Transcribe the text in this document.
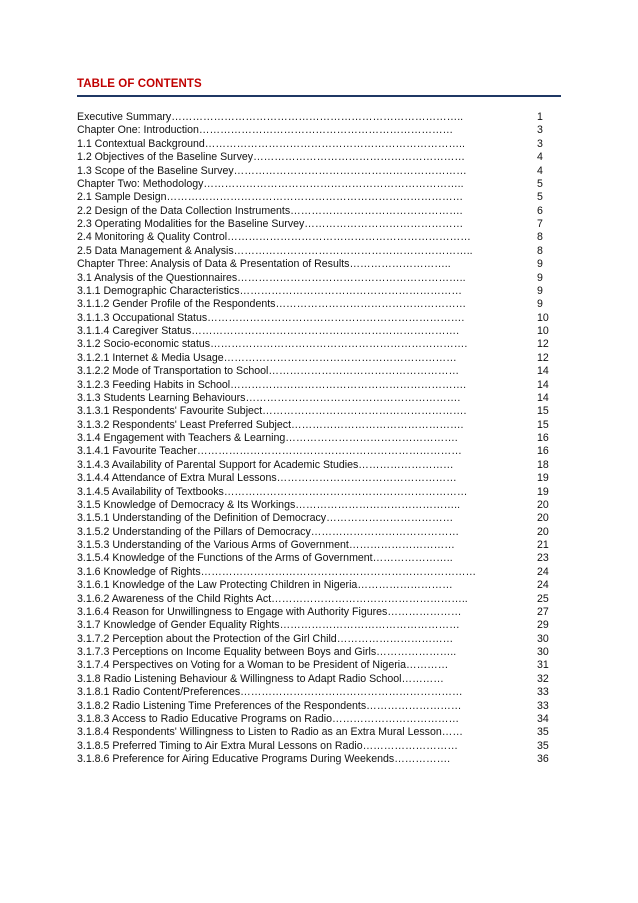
TABLE OF CONTENTS
Executive Summary………………………………………………………………………..	1
Chapter One: Introduction………………………………………………………………	3
1.1 Contextual Background………………………………………………………………..	3
1.2 Objectives of the Baseline Survey……………………………………………………	4
1.3 Scope of the Baseline Survey…………………………………………………………	4
Chapter Two: Methodology………………………………………………………………..	5
2.1 Sample Design…………………………………………………………………………	5
2.2 Design of the Data Collection Instruments………………………………………….	6
2.3 Operating Modalities for the Baseline Survey………………………………………	7
2.4 Monitoring & Quality Control……………………………………………………………	8
2.5 Data Management & Analysis…………………………………………………………..	8
Chapter Three: Analysis of Data & Presentation of Results………………………..	9
3.1 Analysis of the Questionnaires………………………………………………………..	9
3.1.1 Demographic Characteristics………………………………………………………	9
3.1.1.2 Gender Profile of the Respondents………………………………………………	9
3.1.1.3 Occupational Status……………………………………………………………….	10
3.1.1.4 Caregiver Status………………………………………………………………….	10
3.1.2 Socio-economic status……………………………………………………………….	12
3.1.2.1 Internet & Media Usage…………………………………………………………	12
3.1.2.2 Mode of Transportation to School………………………………………………	14
3.1.2.3 Feeding Habits in School………………………………………………………….	14
3.1.3 Students Learning Behaviours…………………………………………………….	14
3.1.3.1 Respondents' Favourite Subject………………………………………………….	15
3.1.3.2 Respondents' Least Preferred Subject………………………………………….	15
3.1.4 Engagement with Teachers & Learning………………………………………….	16
3.1.4.1 Favourite Teacher…………………………………………………………………	16
3.1.4.3 Availability of Parental Support for Academic Studies………………………	18
3.1.4.4 Attendance of Extra Mural Lessons……………………………………………	19
3.1.4.5 Availability of Textbooks……………………………………………………………	19
3.1.5 Knowledge of Democracy & Its Workings………………………………………..	20
3.1.5.1 Understanding of the Definition of Democracy………………………………	20
3.1.5.2 Understanding of the Pillars of Democracy……………………………………	20
3.1.5.3 Understanding of the Various Arms of Government…………………………	21
3.1.5.4 Knowledge of the Functions of the Arms of Government…………………..	23
3.1.6 Knowledge of Rights……………………………………………………………………	24
3.1.6.1 Knowledge of the Law Protecting Children in Nigeria………………………	24
3.1.6.2 Awareness of the Child Rights Act………………………………………………..	25
3.1.6.4 Reason for Unwillingness to Engage with Authority Figures…………………	27
3.1.7 Knowledge of Gender Equality Rights……………………………………………	29
3.1.7.2 Perception about the Protection of the Girl Child……………………………	30
3.1.7.3 Perceptions on Income Equality between Boys and Girls…………………..	30
3.1.7.4 Perspectives on Voting for a Woman to be President of Nigeria…………	31
3.1.8 Radio Listening Behaviour & Willingness to Adapt Radio School…………	32
3.1.8.1 Radio Content/Preferences………………………………………………………	33
3.1.8.2 Radio Listening Time Preferences of the Respondents………………………	33
3.1.8.3 Access to Radio Educative Programs on Radio………………………………	34
3.1.8.4 Respondents' Willingness to Listen to Radio as an Extra Mural Lesson……	35
3.1.8.5 Preferred Timing to Air Extra Mural Lessons on Radio………………………	35
3.1.8.6 Preference for Airing Educative Programs During Weekends…………….	36
